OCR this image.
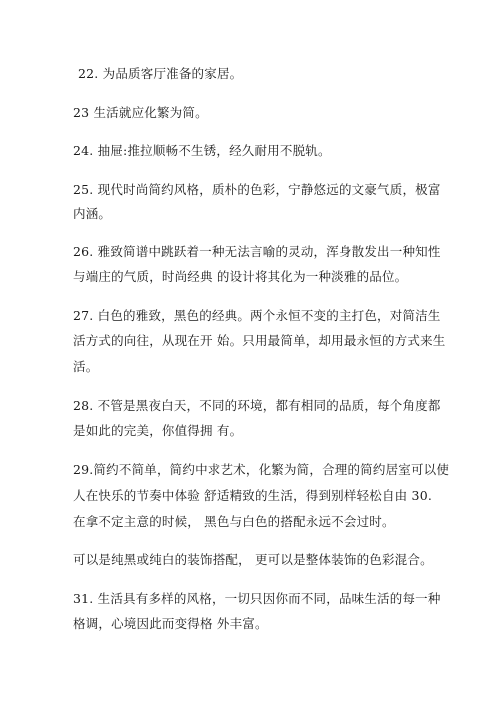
22. 为品质客厅准备的家居。
23 生活就应化繁为简。
24. 抽屉:推拉顺畅不生锈，经久耐用不脱轨。
25. 现代时尚简约风格，质朴的色彩，宁静悠远的文豪气质，极富
内涵。
26. 雅致简谱中跳跃着一种无法言喻的灵动，浑身散发出一种知性
与端庄的气质，时尚经典 的设计将其化为一种淡雅的品位。
27. 白色的雅致，黑色的经典。两个永恒不变的主打色，对简洁生
活方式的向往，从现在开 始。只用最简单，却用最永恒的方式来生
活。
28. 不管是黑夜白天，不同的环境，都有相同的品质，每个角度都
是如此的完美，你值得拥 有。
29.简约不简单，简约中求艺术，化繁为简，合理的简约居室可以使
人在快乐的节奏中体验 舒适精致的生活，得到别样轻松自由 30.
在拿不定主意的时候， 黑色与白色的搭配永远不会过时。
可以是纯黑或纯白的装饰搭配， 更可以是整体装饰的色彩混合。
31. 生活具有多样的风格，一切只因你而不同，品味生活的每一种
格调，心境因此而变得格 外丰富。
